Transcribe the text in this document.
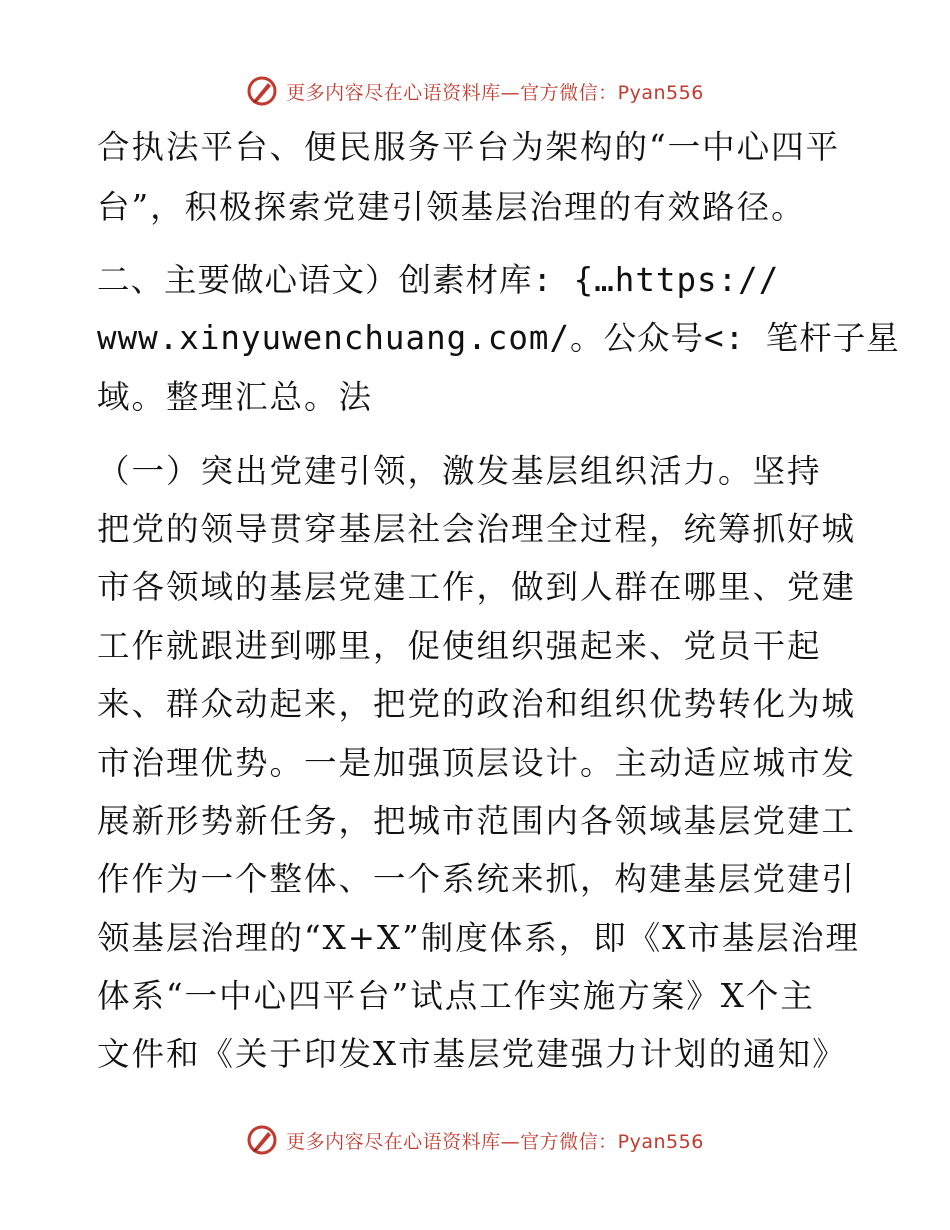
更多内容尽在心语资料库—官方微信：Pyan556
合执法平台、便民服务平台为架构的“一中心四平
台”，积极探索党建引领基层治理的有效路径。
二、主要做心语文）创素材库: {…https://
www.xinyuwenchuang.com/。公众号<: 笔杆子星
域。整理汇总。法
（一）突出党建引领，激发基层组织活力。坚持
把党的领导贯穿基层社会治理全过程，统筹抓好城
市各领域的基层党建工作，做到人群在哪里、党建
工作就跟进到哪里，促使组织强起来、党员干起
来、群众动起来，把党的政治和组织优势转化为城
市治理优势。一是加强顶层设计。主动适应城市发
展新形势新任务，把城市范围内各领域基层党建工
作作为一个整体、一个系统来抓，构建基层党建引
领基层治理的“X+X”制度体系，即《X市基层治理
体系“一中心四平台”试点工作实施方案》X个主
文件和《关于印发X市基层党建强力计划的通知》
更多内容尽在心语资料库—官方微信：Pyan556
